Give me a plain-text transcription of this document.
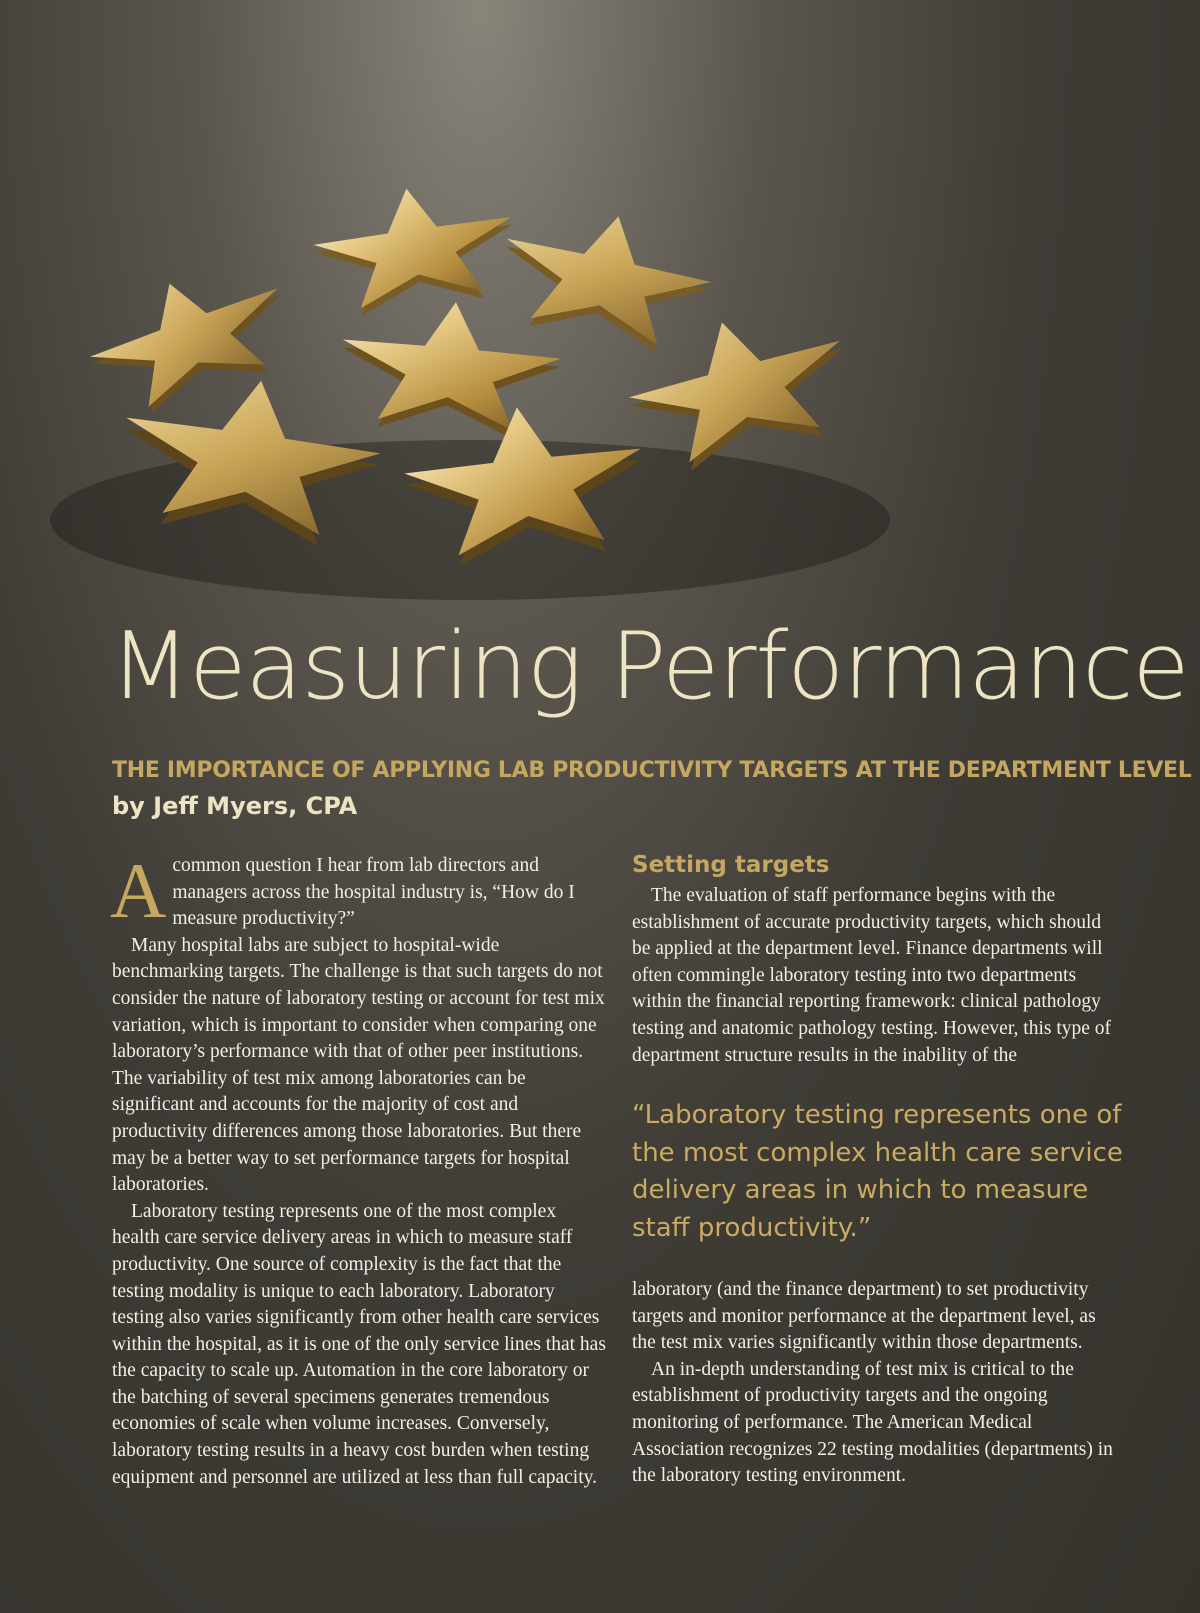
Measuring Performance
THE IMPORTANCE OF APPLYING LAB PRODUCTIVITY TARGETS AT THE DEPARTMENT LEVEL

by Jeff Myers, CPA

A common question I hear from lab directors and managers across the hospital industry is, “How do I measure productivity?”

Many hospital labs are subject to hospital-wide benchmarking targets. The challenge is that such targets do not consider the nature of laboratory testing or account for test mix variation, which is important to consider when comparing one laboratory’s performance with that of other peer institutions. The variability of test mix among laboratories can be significant and accounts for the majority of cost and productivity differences among those laboratories. But there may be a better way to set performance targets for hospital laboratories.

Laboratory testing represents one of the most complex health care service delivery areas in which to measure staff productivity. One source of complexity is the fact that the testing modality is unique to each laboratory. Laboratory testing also varies significantly from other health care services within the hospital, as it is one of the only service lines that has the capacity to scale up. Automation in the core laboratory or the batching of several specimens generates tremendous economies of scale when volume increases. Conversely, laboratory testing results in a heavy cost burden when testing equipment and personnel are utilized at less than full capacity.

Setting targets

The evaluation of staff performance begins with the establishment of accurate productivity targets, which should be applied at the department level. Finance departments will often commingle laboratory testing into two departments within the financial reporting framework: clinical pathology testing and anatomic pathology testing. However, this type of department structure results in the inability of the

“Laboratory testing represents one of the most complex health care service delivery areas in which to measure staff productivity.”

laboratory (and the finance department) to set productivity targets and monitor performance at the department level, as the test mix varies significantly within those departments.

An in-depth understanding of test mix is critical to the establishment of productivity targets and the ongoing monitoring of performance. The American Medical Association recognizes 22 testing modalities (departments) in the laboratory testing environment.
